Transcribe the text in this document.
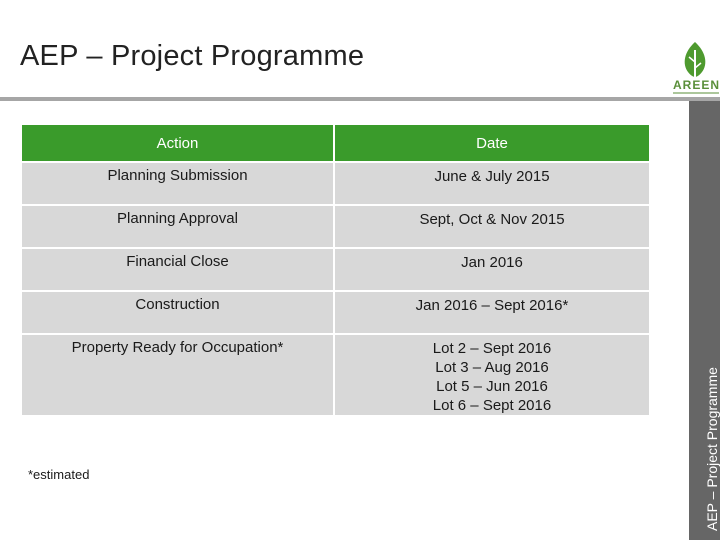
AEP – Project Programme
AREEN
AEP – Project Programme
Action	Date
Planning Submission	June & July 2015

Planning Approval	Sept, Oct & Nov 2015

Financial Close	Jan 2016

Construction	Jan 2016 – Sept 2016*

Property Ready for Occupation*	Lot 2 – Sept 2016
Lot 3 – Aug 2016
Lot 5 – Jun 2016
Lot 6 – Sept 2016
*estimated
